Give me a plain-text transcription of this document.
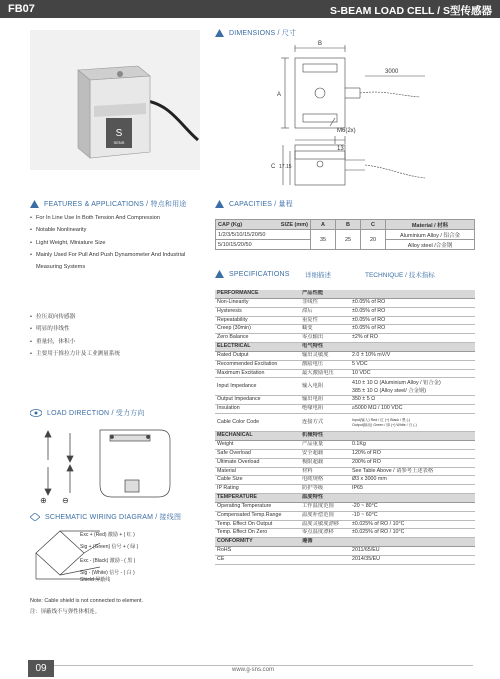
FB07	S-BEAM LOAD CELL / S型传感器
S
SENS
DIMENSIONS / 尺寸
B
A
3000
M6(2x)
13
C 17.15
FEATURES & APPLICATIONS / 特点和用途
• For In Line Use In Both Tension And Compression
• Notable Nonlinearity
• Light Weight, Miniature Size
• Mainly Used For Pull And Push Dynamometer And Industrial Measuring Systems
• 拉压双向传感器
• 明显的非线性
• 重量轻，体积小
• 主要用于推拉力计及工业测量系统
CAPACITIES / 量程
CAP (Kg) SIZE (mm)	A	B	C	Material / 材料
1/2/3/5/10/15/20/50	35	25	20	Aluminium Alloy / 铝合金
5/10/15/20/50				Alloy steel /合金钢
SPECIFICATIONS 详细描述	TECHNIQUE / 技术指标
PERFORMANCE	产品性能	
Non-Linearity	非线性	±0.05% of RO
Hysteresis	滞后	±0.05% of RO
Repeatability	重复性	±0.05% of RO
Creep (30min)	蠕变	±0.05% of RO
Zero Balance	零点输出	±2% of RO
ELECTRICAL	电气特性	
Rated Output	输出灵敏度	2.0 ± 10% mV/V
Recommended Excitation	激励电压	5 VDC
Maximum Excitation	最大激励电压	10 VDC
Input Impedance	输入电阻	410 ± 10 Ω (Aluminium Alloy / 铝合金)
385 ± 10 Ω (Alloy steel/ 合金钢)

Output Impedance	输出电阻	350 ± 5 Ω
Insulation	绝缘电阻	≥5000 MΩ / 100 VDC
Cable Color Code	连接方式	Input(输入) Red / 红 (+) Black / 黑 (-)
Output(输出) Green / 绿 (+) White / 白 (-)

MECHANICAL	机械特性	
Weight	产品重量	0.1Kg
Safe Overload	安全超载	120% of RO
Ultimate Overload	极限超载	200% of RO
Material	材料	See Table Above / 请参考上述表格
Cable Size	电缆规格	Ø3 x 3000 mm
IP Rating	防护等级	IP65
TEMPERATURE	温度特性	
Operating Temperature	工作温度范围	-20 ~ 80°C
Compensated Temp.Range	温度补偿范围	-10 ~ 60°C
Temp. Effect On Output	温度灵敏度漂移	±0.025% of RO / 10°C
Temp. Effect On Zero	零点温度漂移	±0.025% of RO / 10°C
CONFORMITY	遵循	
RoHS		2011/65/EU
CE		2014/35/EU
LOAD DIRECTION / 受力方向
⊕ ⊖
SCHEMATIC WIRING DIAGRAM / 接线图
Exc + (Red) 激励 + ( 红 )
Sig + (Green) 信号 + ( 绿 )
Exc - (Black) 激励 - ( 黑 )
Sig - (White) 信号 - ( 白 )
Shield 屏蔽线
Note: Cable shield is not connected to element.
注：屏蔽线不与弹性体相连。
09	www.g-sns.com
